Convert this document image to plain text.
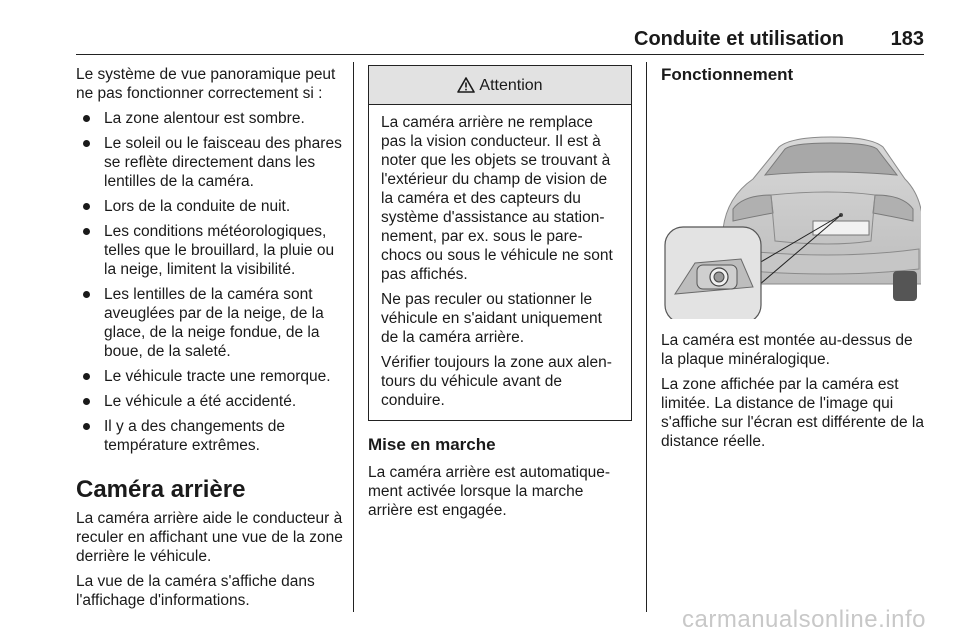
Conduite et utilisation 183

Le système de vue panoramique peut ne pas fonctionner correctement si :

La zone alentour est sombre.
Le soleil ou le faisceau des phares se reflète directement dans les lentilles de la caméra.
Lors de la conduite de nuit.
Les conditions météorologiques, telles que le brouillard, la pluie ou la neige, limitent la visibilité.
Les lentilles de la caméra sont aveuglées par de la neige, de la glace, de la neige fondue, de la boue, de la saleté.
Le véhicule tracte une remorque.
Le véhicule a été accidenté.
Il y a des changements de température extrêmes.
Caméra arrière

La caméra arrière aide le conducteur à reculer en affichant une vue de la zone derrière le véhicule.

La vue de la caméra s'affiche dans l'affichage d'informations.

Attention

La caméra arrière ne remplace pas la vision conducteur. Il est à noter que les objets se trouvant à l'extérieur du champ de vision de la caméra et des capteurs du système d'assistance au station-nement, par ex. sous le pare-chocs ou sous le véhicule ne sont pas affichés.

Ne pas reculer ou stationner le véhicule en s'aidant uniquement de la caméra arrière.

Vérifier toujours la zone aux alen-tours du véhicule avant de conduire.

Mise en marche

La caméra arrière est automatique-ment activée lorsque la marche arrière est engagée.

Fonctionnement

La caméra est montée au-dessus de la plaque minéralogique.

La zone affichée par la caméra est limitée. La distance de l'image qui s'affiche sur l'écran est différente de la distance réelle.

carmanualsonline.info
